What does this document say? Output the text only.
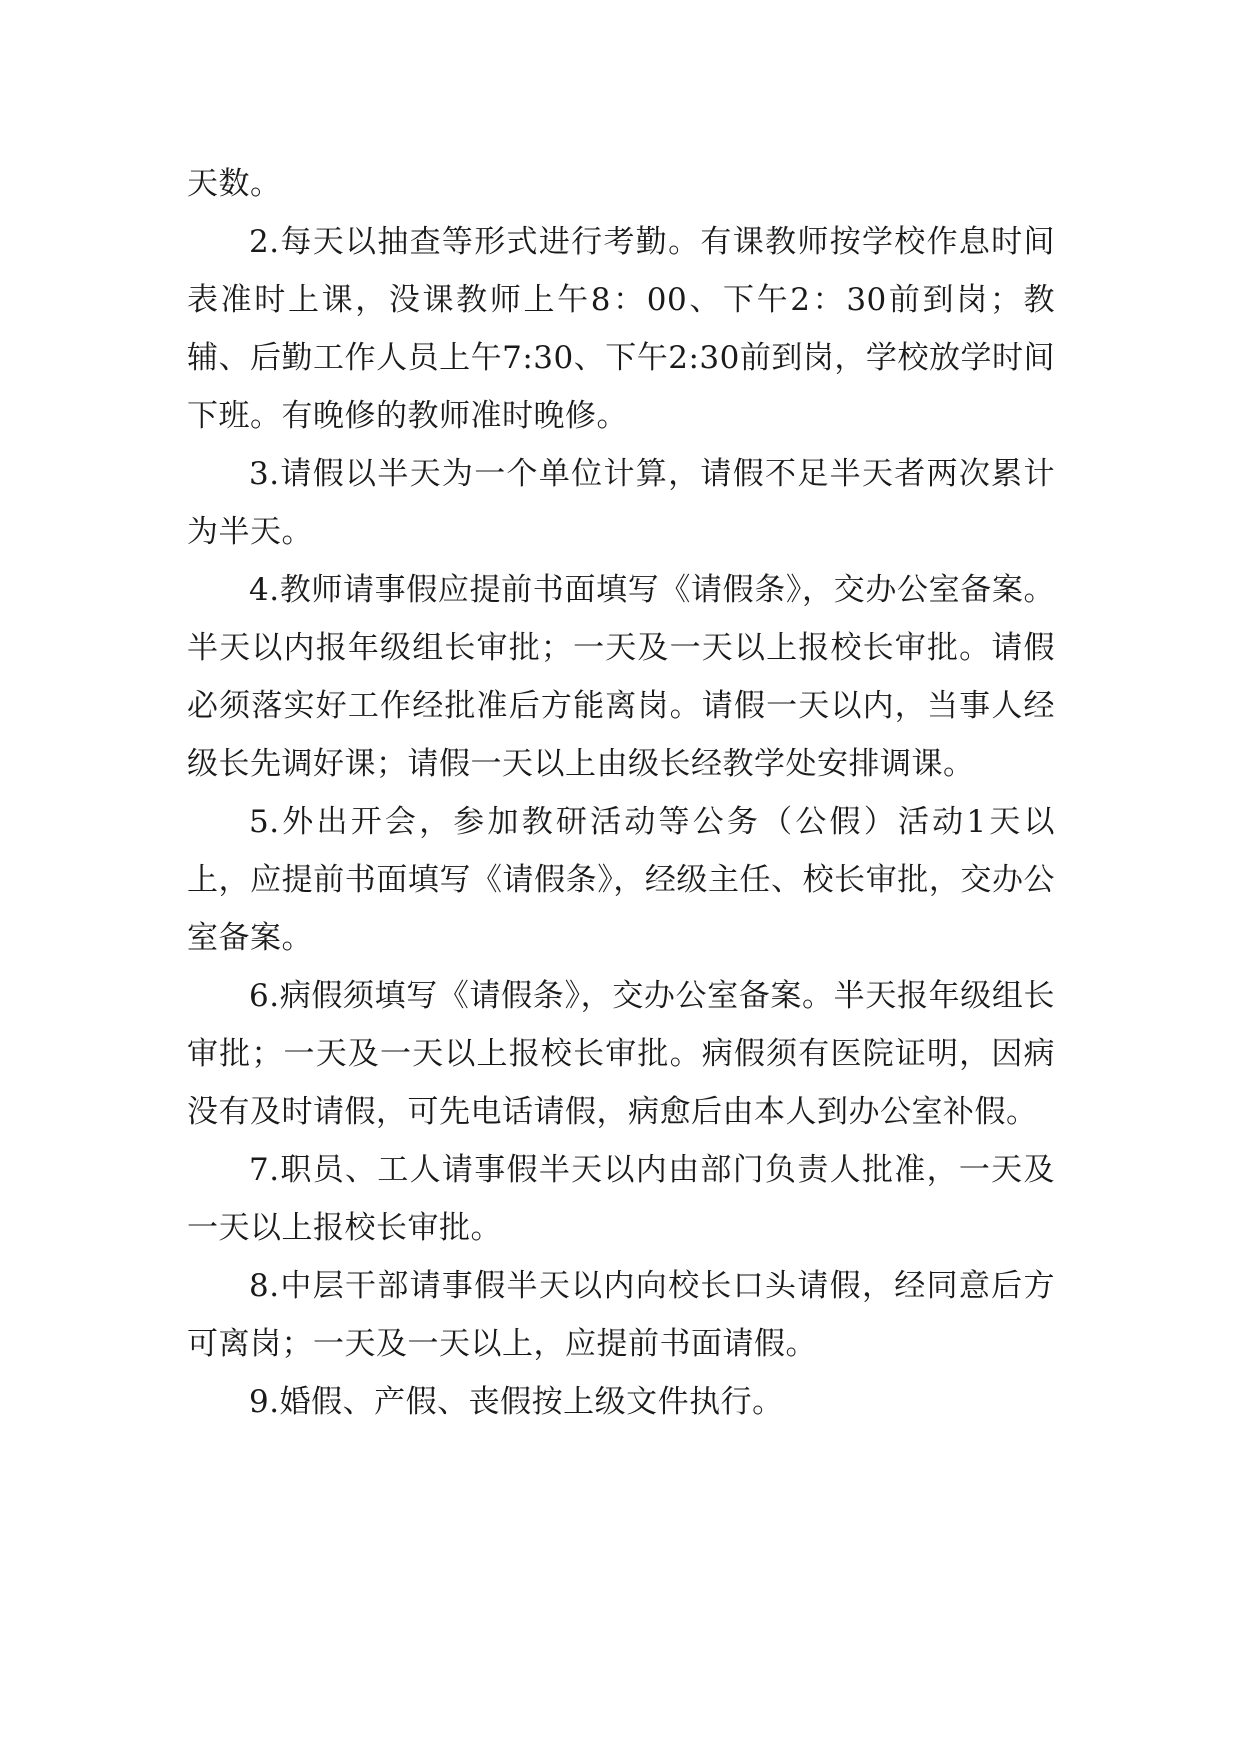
天数。

2.每天以抽查等形式进行考勤。有课教师按学校作息时间表准时上课，没课教师上午8：00、下午2：30前到岗；教辅、后勤工作人员上午7:30、下午2:30前到岗，学校放学时间下班。有晚修的教师准时晚修。

3.请假以半天为一个单位计算，请假不足半天者两次累计为半天。

4.教师请事假应提前书面填写《请假条》，交办公室备案。半天以内报年级组长审批；一天及一天以上报校长审批。请假必须落实好工作经批准后方能离岗。请假一天以内，当事人经级长先调好课；请假一天以上由级长经教学处安排调课。

5.外出开会，参加教研活动等公务（公假）活动1天以上，应提前书面填写《请假条》，经级主任、校长审批，交办公室备案。

6.病假须填写《请假条》，交办公室备案。半天报年级组长审批；一天及一天以上报校长审批。病假须有医院证明，因病没有及时请假，可先电话请假，病愈后由本人到办公室补假。

7.职员、工人请事假半天以内由部门负责人批准，一天及一天以上报校长审批。

8.中层干部请事假半天以内向校长口头请假，经同意后方可离岗；一天及一天以上，应提前书面请假。

9.婚假、产假、丧假按上级文件执行。
